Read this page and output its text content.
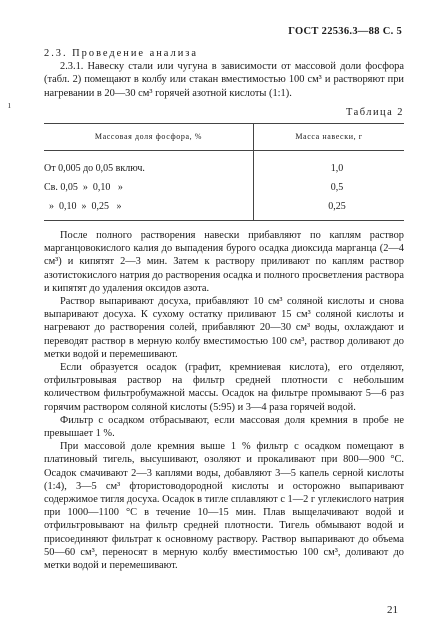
ГОСТ 22536.3—88 С. 5
ı

2.3. Проведение анализа

2.3.1. Навеску стали или чугуна в зависимости от массовой доли фосфора (табл. 2) помещают в колбу или стакан вместимостью 100 см³ и растворяют при нагревании в 20—30 см³ горячей азотной кислоты (1:1).

Таблица 2
Массовая доля фосфора, %	Масса навески, г
От 0,005 до 0,05 включ.	1,0
Св. 0,05  »  0,10   »	0,5
»  0,10  »  0,25   »	0,25

После полного растворения навески прибавляют по каплям раствор марганцовокислого калия до выпадения бурого осадка диоксида марганца (2—4 см³) и кипятят 2—3 мин. Затем к раствору приливают по каплям раствор азотистокислого натрия до растворения осадка и полного просветления раствора и кипятят до удаления оксидов азота.

Раствор выпаривают досуха, прибавляют 10 см³ соляной кислоты и снова выпаривают досуха. К сухому остатку приливают 15 см³ соляной кислоты и нагревают до растворения солей, прибавляют 20—30 см³ воды, охлаждают и переводят раствор в мерную колбу вместимостью 100 см³, раствор доливают до метки водой и перемешивают.

Если образуется осадок (графит, кремниевая кислота), его отделяют, отфильтровывая раствор на фильтр средней плотности с небольшим количеством фильтробумажной массы. Осадок на фильтре промывают 5—6 раз горячим раствором соляной кислоты (5:95) и 3—4 раза горячей водой.

Фильтр с осадком отбрасывают, если массовая доля кремния в пробе не превышает 1 %.

При массовой доле кремния выше 1 % фильтр с осадком помещают в платиновый тигель, высушивают, озоляют и прокаливают при 800—900 °С. Осадок смачивают 2—3 каплями воды, добавляют 3—5 капель серной кислоты (1:4), 3—5 см³ фтористоводородной кислоты и осторожно выпаривают содержимое тигля досуха. Осадок в тигле сплавляют с 1—2 г углекислого натрия при 1000—1100 °С в течение 10—15 мин. Плав выщелачивают водой и отфильтровывают на фильтр средней плотности. Тигель обмывают водой и присоединяют фильтрат к основному раствору. Раствор выпаривают до объема 50—60 см³, переносят в мерную колбу вместимостью 100 см³, доливают до метки водой и перемешивают.

21
